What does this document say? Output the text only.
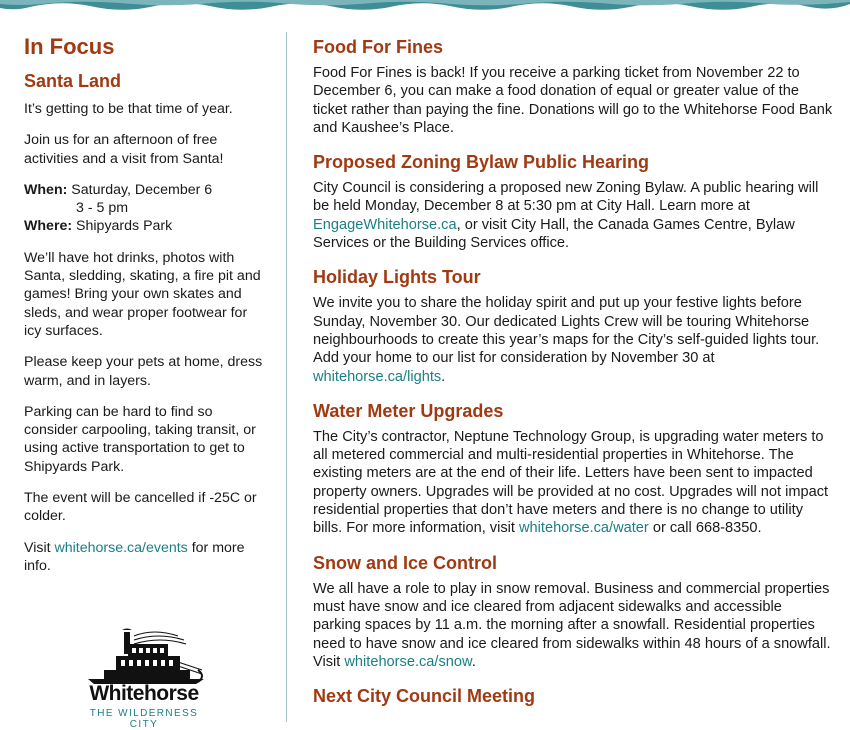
In Focus
Santa Land

It’s getting to be that time of year.

Join us for an afternoon of free activities and a visit from Santa!

When: Saturday, December 6
3 - 5 pm
Where: Shipyards Park

We’ll have hot drinks, photos with Santa, sledding, skating, a fire pit and games! Bring your own skates and sleds, and wear proper footwear for icy surfaces.

Please keep your pets at home, dress warm, and in layers.

Parking can be hard to find so consider carpooling, taking transit, or using active transportation to get to Shipyards Park.

The event will be cancelled if -25C or colder.

Visit whitehorse.ca/events for more info.

Whitehorse
THE WILDERNESS CITY
Food For Fines

Food For Fines is back! If you receive a parking ticket from November 22 to December 6, you can make a food donation of equal or greater value of the ticket rather than paying the fine. Donations will go to the Whitehorse Food Bank and Kaushee’s Place.

Proposed Zoning Bylaw Public Hearing

City Council is considering a proposed new Zoning Bylaw. A public hearing will be held Monday, December 8 at 5:30 pm at City Hall. Learn more at EngageWhitehorse.ca, or visit City Hall, the Canada Games Centre, Bylaw Services or the Building Services office.

Holiday Lights Tour

We invite you to share the holiday spirit and put up your festive lights before Sunday, November 30. Our dedicated Lights Crew will be touring Whitehorse neighbourhoods to create this year’s maps for the City’s self-guided lights tour. Add your home to our list for consideration by November 30 at whitehorse.ca/lights.

Water Meter Upgrades

The City’s contractor, Neptune Technology Group, is upgrading water meters to all metered commercial and multi-residential properties in Whitehorse. The existing meters are at the end of their life. Letters have been sent to impacted property owners. Upgrades will be provided at no cost. Upgrades will not impact residential properties that don’t have meters and there is no change to utility bills. For more information, visit whitehorse.ca/water or call 668-8350.

Snow and Ice Control

We all have a role to play in snow removal. Business and commercial properties must have snow and ice cleared from adjacent sidewalks and accessible parking spaces by 11 a.m. the morning after a snowfall. Residential properties need to have snow and ice cleared from sidewalks within 48 hours of a snowfall. Visit whitehorse.ca/snow.

Next City Council Meeting
